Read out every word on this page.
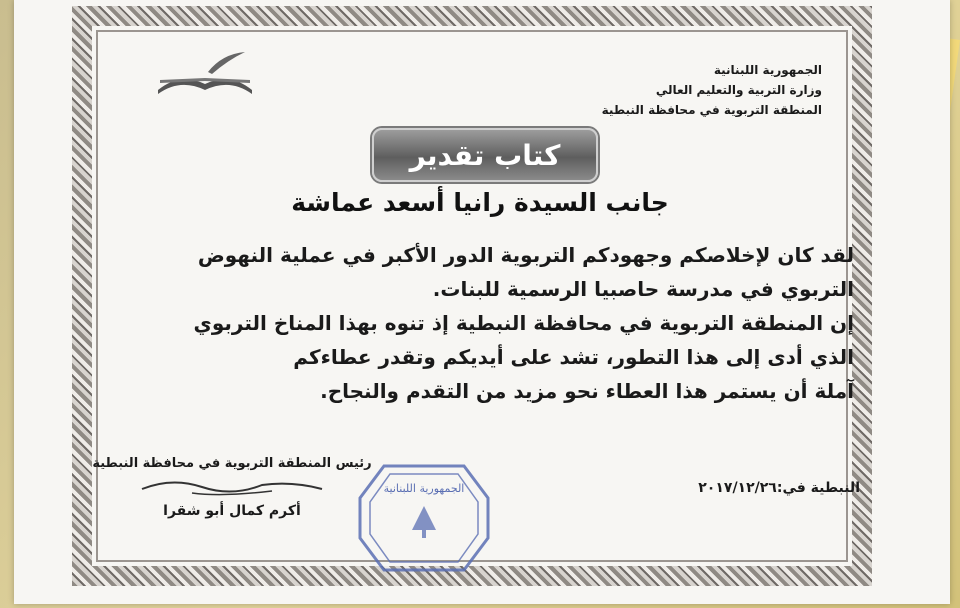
الجمهورية اللبنانية
وزارة التربية والتعليم العالي
المنطقة التربوية في محافظة النبطية
كتاب تقدير
جانب السيدة رانيا أسعد عماشة

لقد كان لإخلاصكم وجهودكم التربوية الدور الأكبر في عملية النهوض

التربوي في مدرسة حاصبيا الرسمية للبنات.

إن المنطقة التربوية في محافظة النبطية إذ تنوه بهذا المناخ التربوي

الذي أدى إلى هذا التطور، تشد على أيديكم وتقدر عطاءكم

آملة أن يستمر هذا العطاء نحو مزيد من التقدم والنجاح.

رئيس المنطقة التربوية في محافظة النبطية
أكرم كمال أبو شقرا
النبطية في:٢٠١٧/١٢/٢٦
الجمهورية اللبنانية
